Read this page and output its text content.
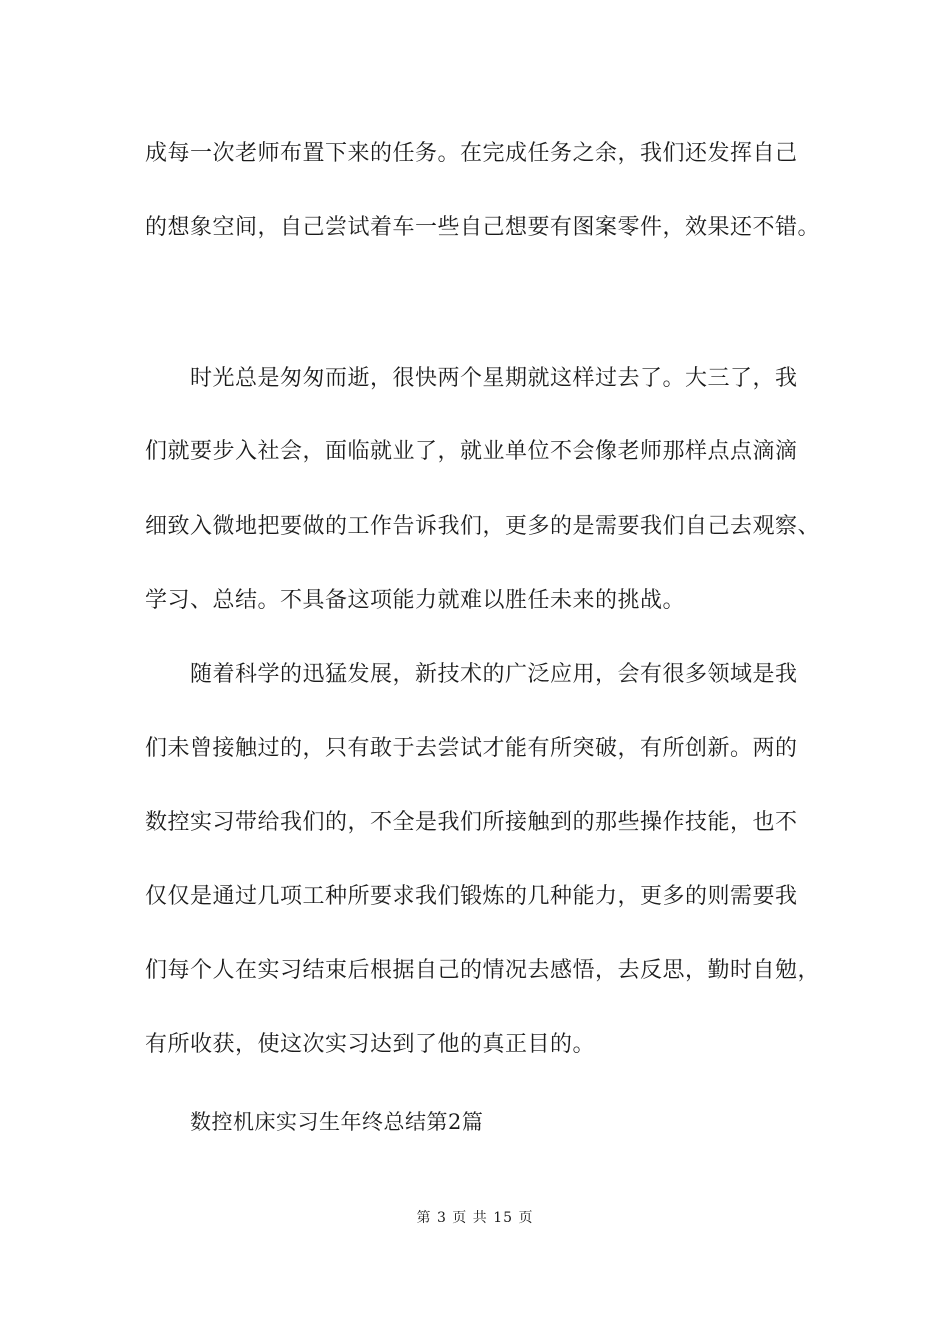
成每一次老师布置下来的任务。在完成任务之余，我们还发挥自己
的想象空间，自己尝试着车一些自己想要有图案零件，效果还不错。
时光总是匆匆而逝，很快两个星期就这样过去了。大三了，我
们就要步入社会，面临就业了，就业单位不会像老师那样点点滴滴
细致入微地把要做的工作告诉我们，更多的是需要我们自己去观察、
学习、总结。不具备这项能力就难以胜任未来的挑战。
随着科学的迅猛发展，新技术的广泛应用，会有很多领域是我
们未曾接触过的，只有敢于去尝试才能有所突破，有所创新。两的
数控实习带给我们的，不全是我们所接触到的那些操作技能，也不
仅仅是通过几项工种所要求我们锻炼的几种能力，更多的则需要我
们每个人在实习结束后根据自己的情况去感悟，去反思，勤时自勉，
有所收获，使这次实习达到了他的真正目的。
数控机床实习生年终总结第2篇
第 3 页 共 15 页
